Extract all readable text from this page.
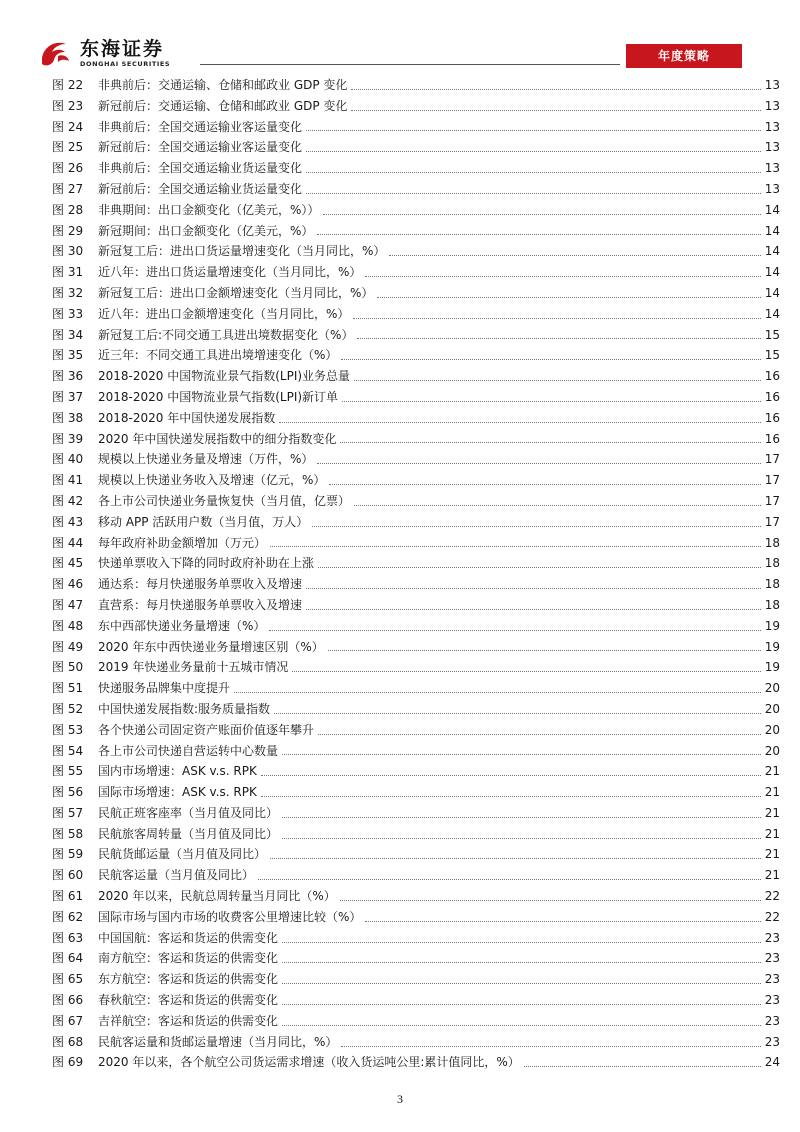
东海证券
DONGHAI SECURITIES
年度策略
图 22	非典前后：交通运输、仓储和邮政业 GDP 变化	13
图 23	新冠前后：交通运输、仓储和邮政业 GDP 变化	13
图 24	非典前后：全国交通运输业客运量变化	13
图 25	新冠前后：全国交通运输业客运量变化	13
图 26	非典前后：全国交通运输业货运量变化	13
图 27	新冠前后：全国交通运输业货运量变化	13
图 28	非典期间：出口金额变化（亿美元，%））	14
图 29	新冠期间：出口金额变化（亿美元，%）	14
图 30	新冠复工后：进出口货运量增速变化（当月同比，%）	14
图 31	近八年：进出口货运量增速变化（当月同比，%）	14
图 32	新冠复工后：进出口金额增速变化（当月同比，%）	14
图 33	近八年：进出口金额增速变化（当月同比，%）	14
图 34	新冠复工后:不同交通工具进出境数据变化（%）	15
图 35	近三年：不同交通工具进出境增速变化（%）	15
图 36	2018-2020 中国物流业景气指数(LPI)业务总量	16
图 37	2018-2020 中国物流业景气指数(LPI)新订单	16
图 38	2018-2020 年中国快递发展指数	16
图 39	2020 年中国快递发展指数中的细分指数变化	16
图 40	规模以上快递业务量及增速（万件，%）	17
图 41	规模以上快递业务收入及增速（亿元，%）	17
图 42	各上市公司快递业务量恢复快（当月值，亿票）	17
图 43	移动 APP 活跃用户数（当月值，万人）	17
图 44	每年政府补助金额增加（万元）	18
图 45	快递单票收入下降的同时政府补助在上涨	18
图 46	通达系：每月快递服务单票收入及增速	18
图 47	直营系：每月快递服务单票收入及增速	18
图 48	东中西部快递业务量增速（%）	19
图 49	2020 年东中西快递业务量增速区别（%）	19
图 50	2019 年快递业务量前十五城市情况	19
图 51	快递服务品牌集中度提升	20
图 52	中国快递发展指数:服务质量指数	20
图 53	各个快递公司固定资产账面价值逐年攀升	20
图 54	各上市公司快递自营运转中心数量	20
图 55	国内市场增速：ASK v.s. RPK	21
图 56	国际市场增速：ASK v.s. RPK	21
图 57	民航正班客座率（当月值及同比）	21
图 58	民航旅客周转量（当月值及同比）	21
图 59	民航货邮运量（当月值及同比）	21
图 60	民航客运量（当月值及同比）	21
图 61	2020 年以来，民航总周转量当月同比（%）	22
图 62	国际市场与国内市场的收费客公里增速比较（%）	22
图 63	中国国航：客运和货运的供需变化	23
图 64	南方航空：客运和货运的供需变化	23
图 65	东方航空：客运和货运的供需变化	23
图 66	春秋航空：客运和货运的供需变化	23
图 67	吉祥航空：客运和货运的供需变化	23
图 68	民航客运量和货邮运量增速（当月同比，%）	23
图 69	2020 年以来，各个航空公司货运需求增速（收入货运吨公里:累计值同比，%）	24
3
